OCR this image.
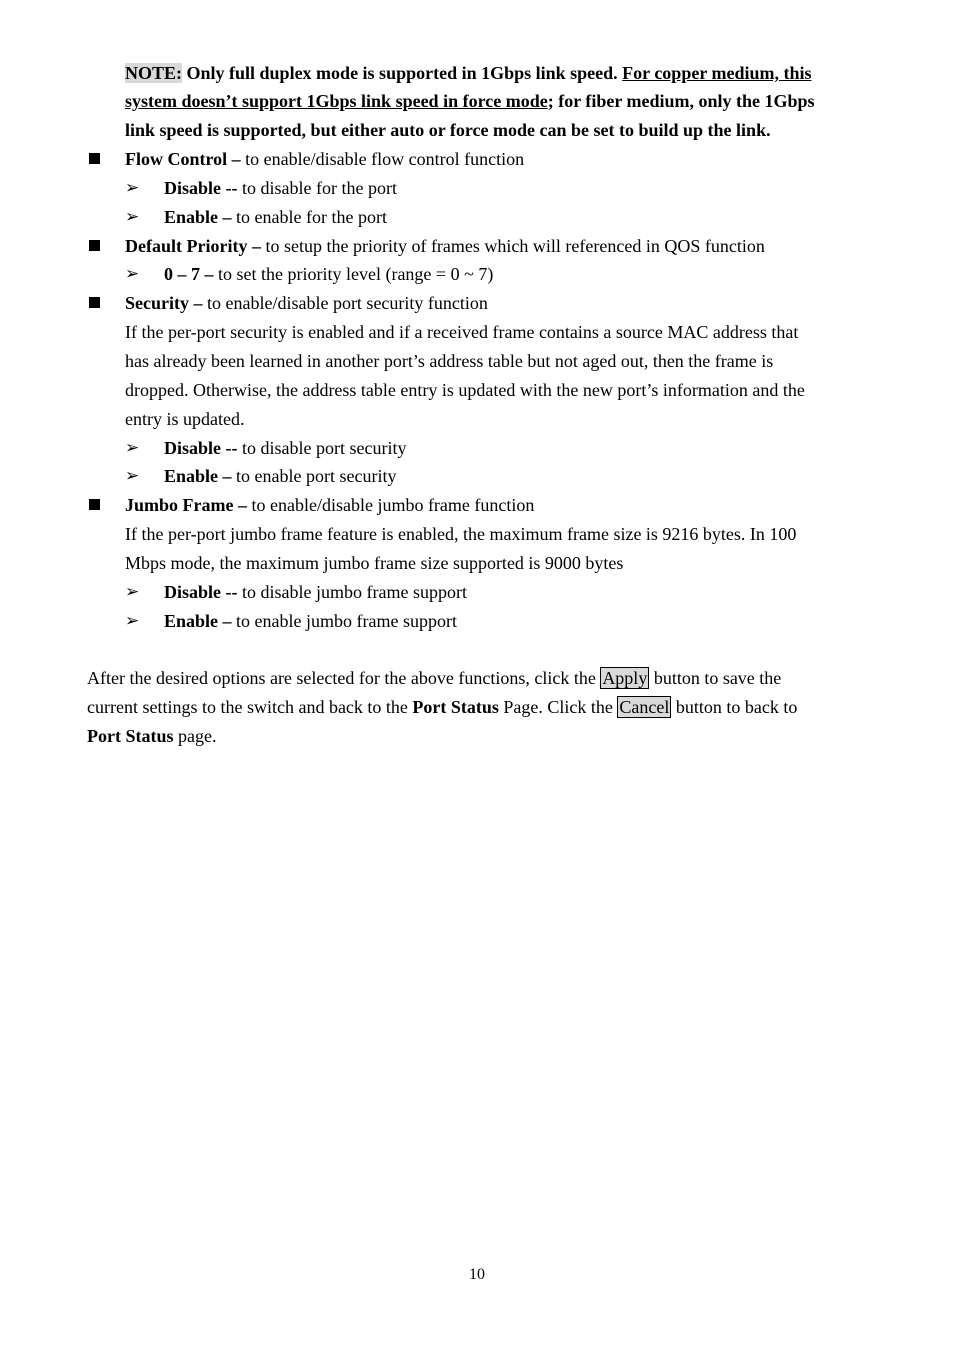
NOTE: Only full duplex mode is supported in 1Gbps link speed. For copper medium, this
system doesn’t support 1Gbps link speed in force mode; for fiber medium, only the 1Gbps
link speed is supported, but either auto or force mode can be set to build up the link.
Flow Control – to enable/disable flow control function
➢ Disable -- to disable for the port
➢ Enable – to enable for the port
Default Priority – to setup the priority of frames which will referenced in QOS function
➢ 0 – 7 – to set the priority level (range = 0 ~ 7)
Security – to enable/disable port security function
If the per-port security is enabled and if a received frame contains a source MAC address that
has already been learned in another port’s address table but not aged out, then the frame is
dropped. Otherwise, the address table entry is updated with the new port’s information and the
entry is updated.
➢ Disable -- to disable port security
➢ Enable – to enable port security
Jumbo Frame – to enable/disable jumbo frame function
If the per-port jumbo frame feature is enabled, the maximum frame size is 9216 bytes. In 100
Mbps mode, the maximum jumbo frame size supported is 9000 bytes
➢ Disable -- to disable jumbo frame support
➢ Enable – to enable jumbo frame support
After the desired options are selected for the above functions, click the Apply button to save the
current settings to the switch and back to the Port Status Page. Click the Cancel button to back to
Port Status page.
10
